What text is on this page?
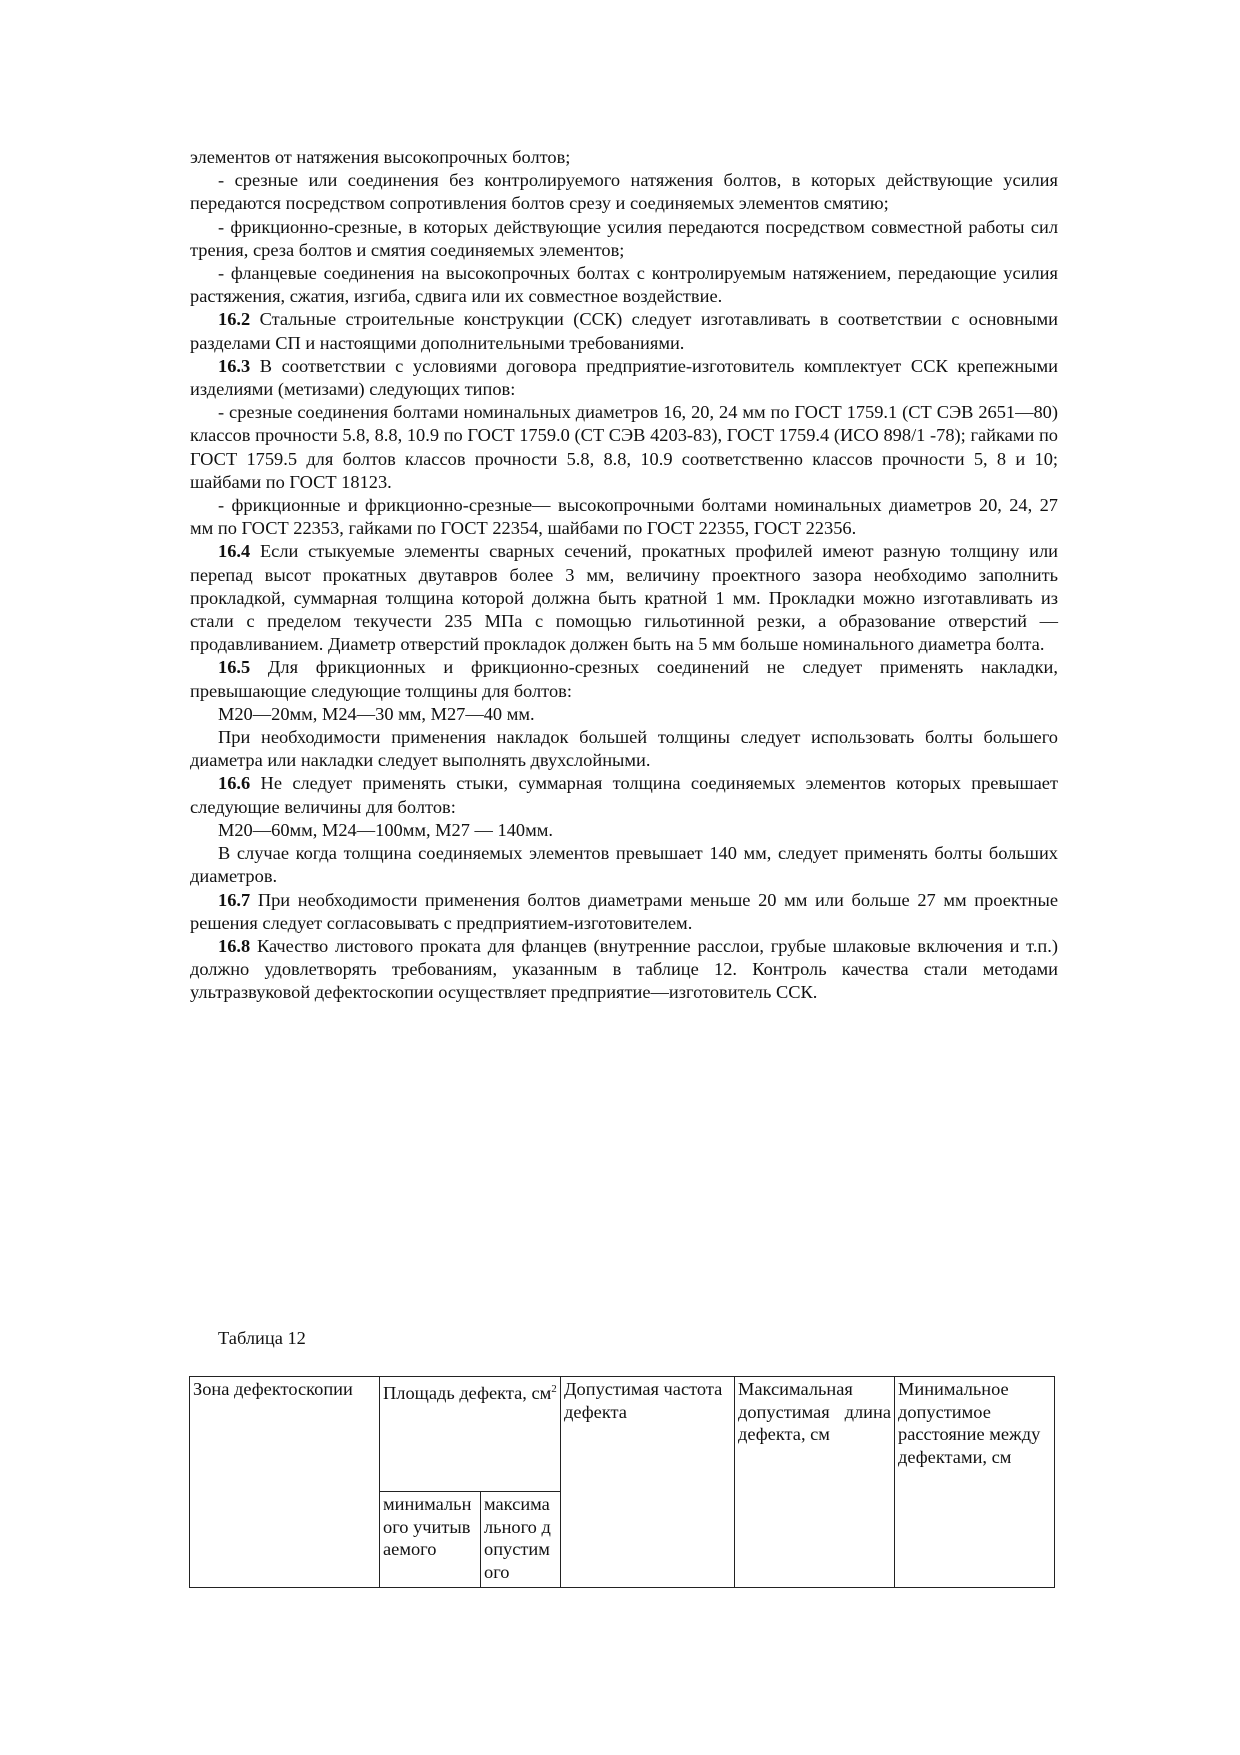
элементов от натяжения высокопрочных болтов;

- срезные или соединения без контролируемого натяжения болтов, в которых действующие усилия передаются посредством сопротивления болтов срезу и соединяемых элементов смятию;

- фрикционно-срезные, в которых действующие усилия передаются посредством совместной работы сил трения, среза болтов и смятия соединяемых элементов;

- фланцевые соединения на высокопрочных болтах с контролируемым натяжением, передающие усилия растяжения, сжатия, изгиба, сдвига или их совместное воздействие.

16.2 Стальные строительные конструкции (ССК) следует изготавливать в соответствии с основными разделами СП и настоящими дополнительными требованиями.

16.3 В соответствии с условиями договора предприятие-изготовитель комплектует ССК крепежными изделиями (метизами) следующих типов:

- срезные соединения болтами номинальных диаметров 16, 20, 24 мм по ГОСТ 1759.1 (СТ СЭВ 2651—80) классов прочности 5.8, 8.8, 10.9 по ГОСТ 1759.0 (СТ СЭВ 4203-83), ГОСТ 1759.4 (ИСО 898/1 -78); гайками по ГОСТ 1759.5 для болтов классов прочности 5.8, 8.8, 10.9 соответственно классов прочности 5, 8 и 10; шайбами по ГОСТ 18123.

- фрикционные и фрикционно-срезные— высокопрочными болтами номинальных диаметров 20, 24, 27 мм по ГОСТ 22353, гайками по ГОСТ 22354, шайбами по ГОСТ 22355, ГОСТ 22356.

16.4 Если стыкуемые элементы сварных сечений, прокатных профилей имеют разную толщину или перепад высот прокатных двутавров более 3 мм, величину проектного зазора необходимо заполнить прокладкой, суммарная толщина которой должна быть кратной 1 мм. Прокладки можно изготавливать из стали с пределом текучести 235 МПа с помощью гильотинной резки, а образование отверстий — продавливанием. Диаметр отверстий прокладок должен быть на 5 мм больше номинального диаметра болта.

16.5 Для фрикционных и фрикционно-срезных соединений не следует применять накладки, превышающие следующие толщины для болтов:

М20—20мм, М24—30 мм, М27—40 мм.

При необходимости применения накладок большей толщины следует использовать болты большего диаметра или накладки следует выполнять двухслойными.

16.6 Не следует применять стыки, суммарная толщина соединяемых элементов которых превышает следующие величины для болтов:

М20—60мм, М24—100мм, М27 — 140мм.

В случае когда толщина соединяемых элементов превышает 140 мм, следует применять болты больших диаметров.

16.7 При необходимости применения болтов диаметрами меньше 20 мм или больше 27 мм проектные решения следует согласовывать с предприятием-изготовителем.

16.8 Качество листового проката для фланцев (внутренние расслои, грубые шлаковые включения и т.п.) должно удовлетворять требованиям, указанным в таблице 12. Контроль качества стали методами ультразвуковой дефектоскопии осуществляет предприятие—изготовитель ССК.

Таблица 12
Зона дефектоскопии	Площадь дефекта, $см^2$		Допустимая частота дефекта	Максимальная допустимая длина дефекта, см	Минимальное допустимое расстояние между дефектами, см
	минимального учитываемого	максимального допустимого			
